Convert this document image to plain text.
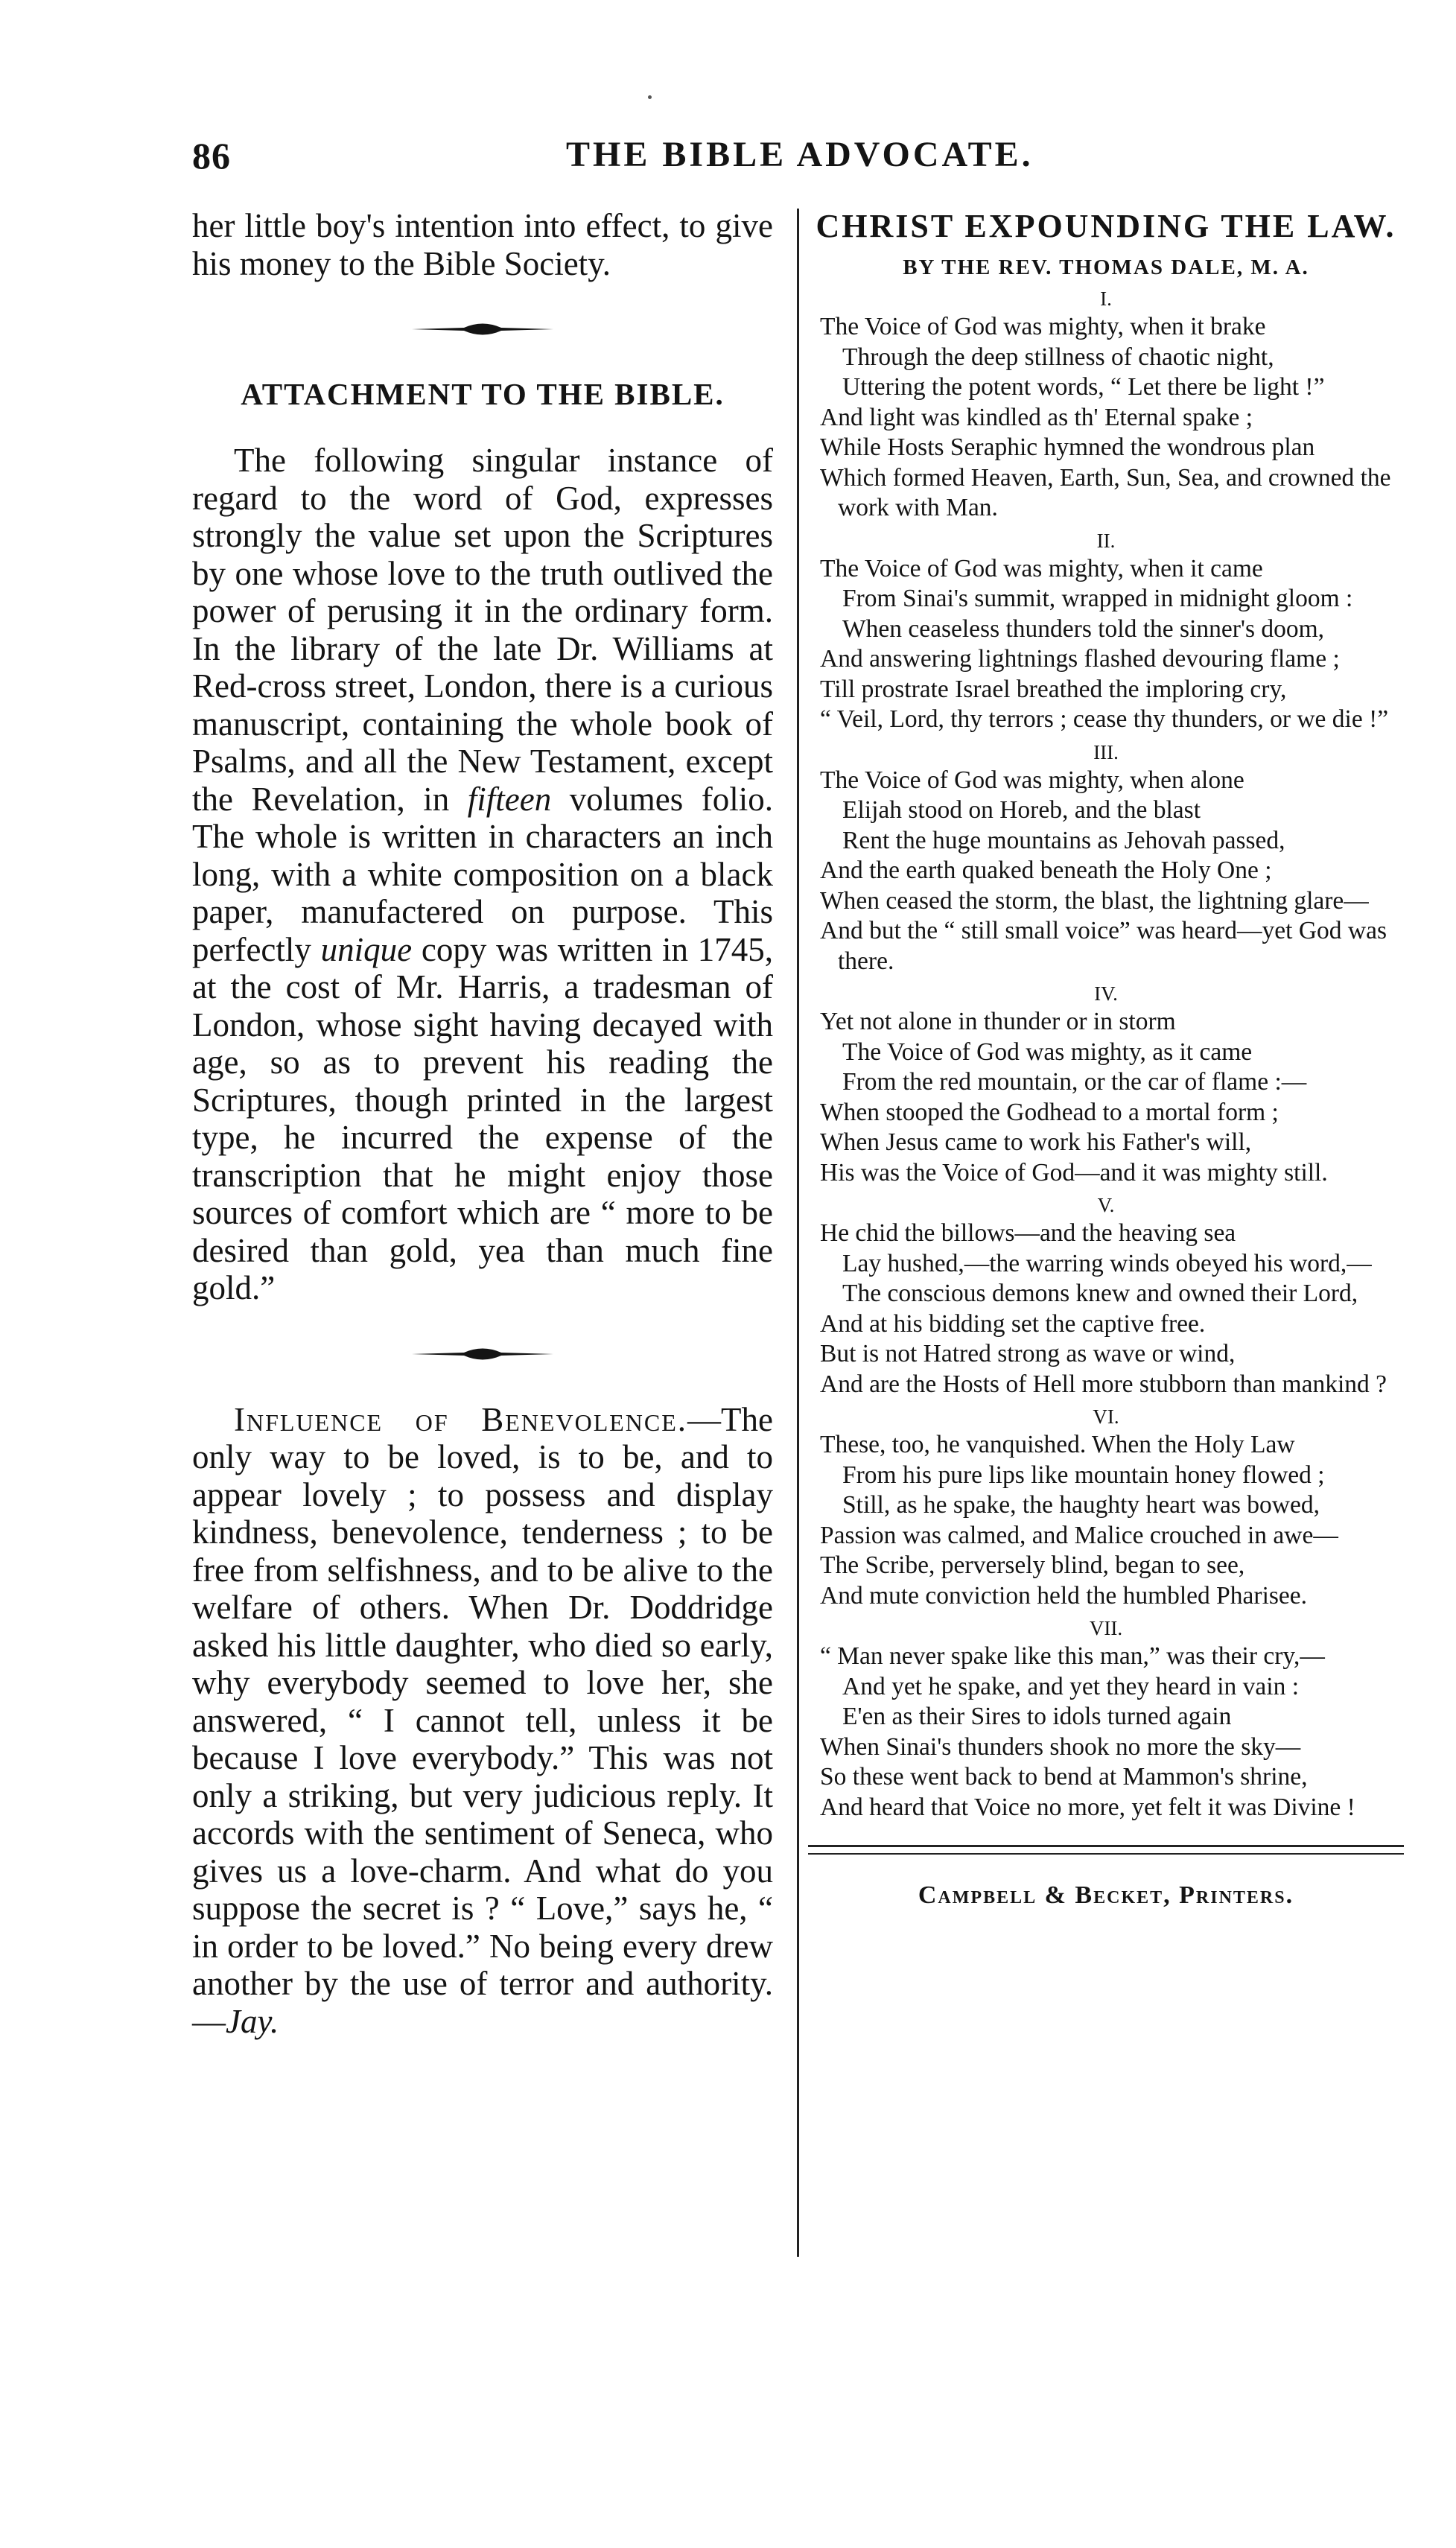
86	THE BIBLE ADVOCATE.

her little boy's intention into effect, to give his money to the Bible Society.

ATTACHMENT TO THE BIBLE.

The following singular instance of regard to the word of God, expresses strongly the value set upon the Scriptures by one whose love to the truth outlived the power of perusing it in the ordinary form. In the library of the late Dr. Williams at Red-cross street, London, there is a curious manuscript, containing the whole book of Psalms, and all the New Testament, except the Revelation, in fifteen volumes folio. The whole is written in characters an inch long, with a white composition on a black paper, manufactered on purpose. This perfectly unique copy was written in 1745, at the cost of Mr. Harris, a tradesman of London, whose sight having decayed with age, so as to prevent his reading the Scriptures, though printed in the largest type, he incurred the expense of the transcription that he might enjoy those sources of comfort which are “ more to be desired than gold, yea than much fine gold.”

Influence of Benevolence.—The only way to be loved, is to be, and to appear lovely ; to possess and display kindness, benevolence, tenderness ; to be free from selfishness, and to be alive to the welfare of others. When Dr. Doddridge asked his little daughter, who died so early, why everybody seemed to love her, she answered, “ I cannot tell, unless it be because I love everybody.” This was not only a striking, but very judicious reply. It accords with the sentiment of Seneca, who gives us a love-charm. And what do you suppose the secret is ? “ Love,” says he, “ in order to be loved.” No being every drew another by the use of terror and authority.—Jay.

CHRIST EXPOUNDING THE LAW.
BY THE REV. THOMAS DALE, M. A.
I.

The Voice of God was mighty, when it brake

Through the deep stillness of chaotic night,

Uttering the potent words, “ Let there be light !”

And light was kindled as th' Eternal spake ;

While Hosts Seraphic hymned the wondrous plan

Which formed Heaven, Earth, Sun, Sea, and crowned the work with Man.

II.

The Voice of God was mighty, when it came

From Sinai's summit, wrapped in midnight gloom :

When ceaseless thunders told the sinner's doom,

And answering lightnings flashed devouring flame ;

Till prostrate Israel breathed the imploring cry,

“ Veil, Lord, thy terrors ; cease thy thunders, or we die !”

III.

The Voice of God was mighty, when alone

Elijah stood on Horeb, and the blast

Rent the huge mountains as Jehovah passed,

And the earth quaked beneath the Holy One ;

When ceased the storm, the blast, the lightning glare—

And but the “ still small voice” was heard—yet God was there.

IV.

Yet not alone in thunder or in storm

The Voice of God was mighty, as it came

From the red mountain, or the car of flame :—

When stooped the Godhead to a mortal form ;

When Jesus came to work his Father's will,

His was the Voice of God—and it was mighty still.

V.

He chid the billows—and the heaving sea

Lay hushed,—the warring winds obeyed his word,—

The conscious demons knew and owned their Lord,

And at his bidding set the captive free.

But is not Hatred strong as wave or wind,

And are the Hosts of Hell more stubborn than mankind ?

VI.

These, too, he vanquished. When the Holy Law

From his pure lips like mountain honey flowed ;

Still, as he spake, the haughty heart was bowed,

Passion was calmed, and Malice crouched in awe—

The Scribe, perversely blind, began to see,

And mute conviction held the humbled Pharisee.

VII.

“ Man never spake like this man,” was their cry,—

And yet he spake, and yet they heard in vain :

E'en as their Sires to idols turned again

When Sinai's thunders shook no more the sky—

So these went back to bend at Mammon's shrine,

And heard that Voice no more, yet felt it was Divine !

Campbell & Becket, Printers.
